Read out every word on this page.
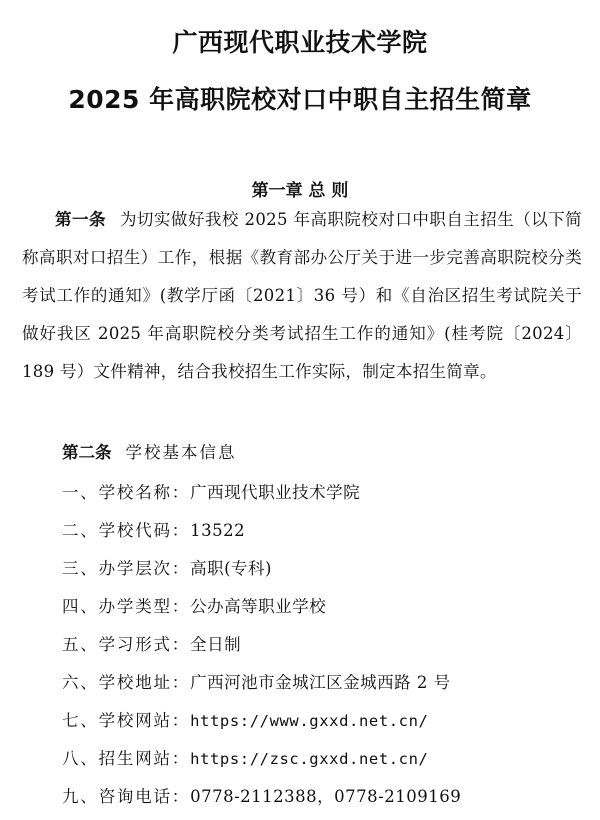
广西现代职业技术学院
2025 年高职院校对口中职自主招生简章
第一章 总 则
第一条 为切实做好我校 2025 年高职院校对口中职自主招生（以下简称高职对口招生）工作，根据《教育部办公厅关于进一步完善高职院校分类考试工作的通知》(教学厅函〔2021〕36 号）和《自治区招生考试院关于做好我区 2025 年高职院校分类考试招生工作的通知》(桂考院〔2024〕189 号）文件精神，结合我校招生工作实际，制定本招生简章。
第二条 学校基本信息
一、学校名称：广西现代职业技术学院
二、学校代码：13522
三、办学层次：高职(专科)
四、办学类型：公办高等职业学校
五、学习形式：全日制
六、学校地址：广西河池市金城江区金城西路 2 号
七、学校网站：https://www.gxxd.net.cn/
八、招生网站：https://zsc.gxxd.net.cn/
九、咨询电话：0778-2112388，0778-2109169
